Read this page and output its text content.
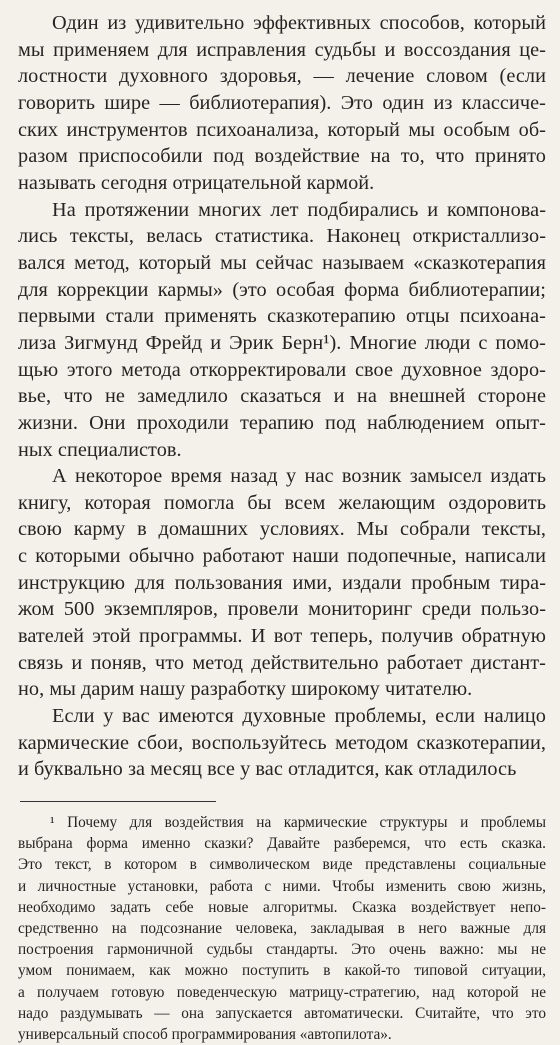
Один из удивительно эффективных способов, который
мы применяем для исправления судьбы и воссоздания це-
лостности духовного здоровья, — лечение словом (если
говорить шире — библиотерапия). Это один из классиче-
ских инструментов психоанализа, который мы особым об-
разом приспособили под воздействие на то, что принято
называть сегодня отрицательной кармой.
На протяжении многих лет подбирались и компонова-
лись тексты, велась статистика. Наконец откристаллизо-
вался метод, который мы сейчас называем «сказкотерапия
для коррекции кармы» (это особая форма библиотерапии;
первыми стали применять сказкотерапию отцы психоана-
лиза Зигмунд Фрейд и Эрик Берн¹). Многие люди с помо-
щью этого метода откорректировали свое духовное здоро-
вье, что не замедлило сказаться и на внешней стороне
жизни. Они проходили терапию под наблюдением опыт-
ных специалистов.
А некоторое время назад у нас возник замысел издать
книгу, которая помогла бы всем желающим оздоровить
свою карму в домашних условиях. Мы собрали тексты,
с которыми обычно работают наши подопечные, написали
инструкцию для пользования ими, издали пробным тира-
жом 500 экземпляров, провели мониторинг среди пользо-
вателей этой программы. И вот теперь, получив обратную
связь и поняв, что метод действительно работает дистант-
но, мы дарим нашу разработку широкому читателю.
Если у вас имеются духовные проблемы, если налицо
кармические сбои, воспользуйтесь методом сказкотерапии,
и буквально за месяц все у вас отладится, как отладилось
¹ Почему для воздействия на кармические структуры и проблемы
выбрана форма именно сказки? Давайте разберемся, что есть сказка.
Это текст, в котором в символическом виде представлены социальные
и личностные установки, работа с ними. Чтобы изменить свою жизнь,
необходимо задать себе новые алгоритмы. Сказка воздействует непо-
средственно на подсознание человека, закладывая в него важные для
построения гармоничной судьбы стандарты. Это очень важно: мы не
умом понимаем, как можно поступить в какой-то типовой ситуации,
а получаем готовую поведенческую матрицу-стратегию, над которой не
надо раздумывать — она запускается автоматически. Считайте, что это
универсальный способ программирования «автопилота».
